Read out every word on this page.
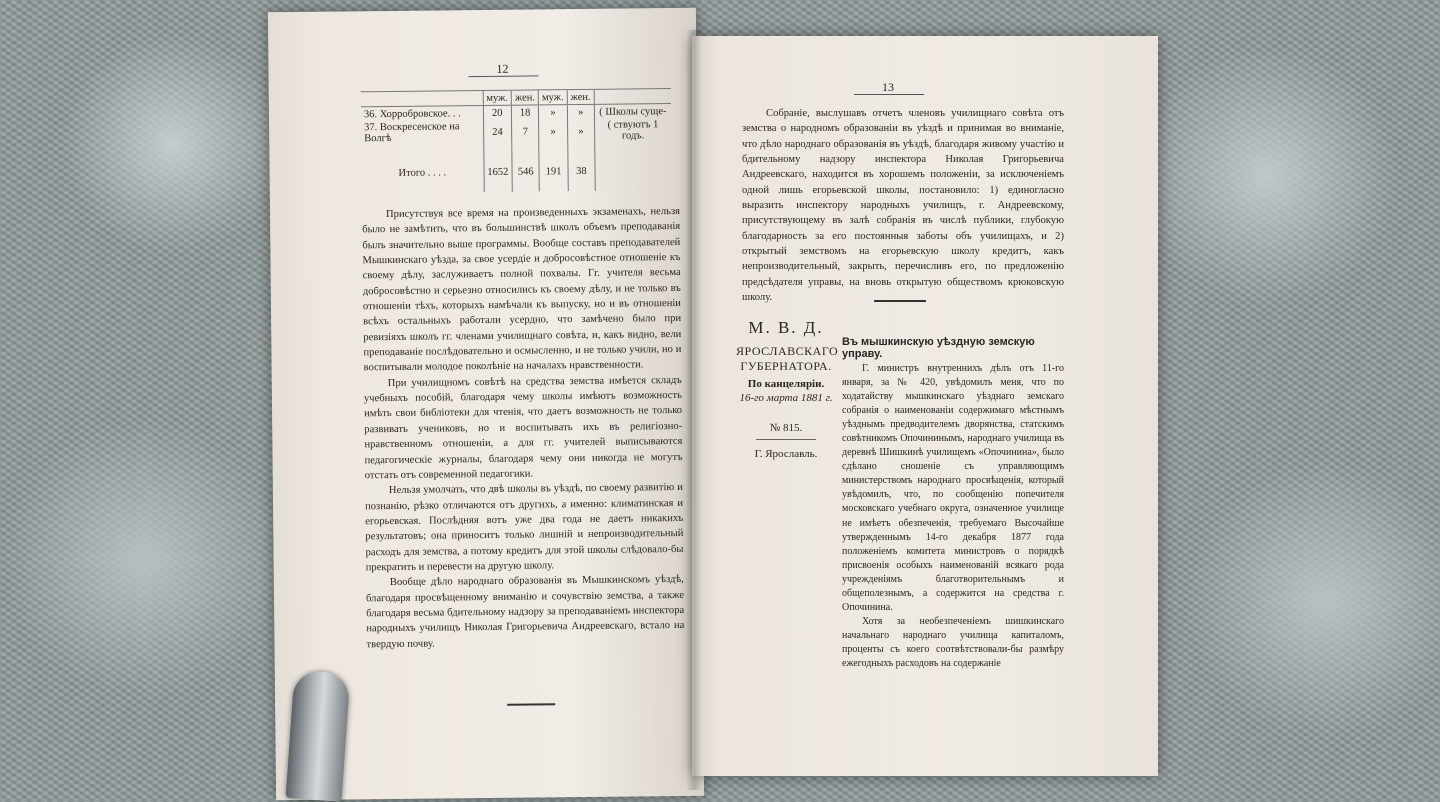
12
	муж.	жен.	муж.	жен.	
36. Хорробровское. . .	20	18	»	»	( Школы суще-
37. Воскресенское на Волгѣ	24	7	»	»	( ствуютъ 1 годъ.
Итого . . . .	1652	546	191	38	

Присутствуя все время на произведенныхъ экзаменахъ, нельзя было не замѣтить, что въ большинствѣ школъ объемъ преподаванія былъ значительно выше программы. Вообще составъ преподавателей Мышкинскаго уѣзда, за свое усердіе и добросовѣстное отношеніе къ своему дѣлу, заслуживаетъ полной похвалы. Гг. учителя весьма добросовѣстно и серьезно относились къ своему дѣлу, и не только въ отношеніи тѣхъ, которыхъ намѣчали къ выпуску, но и въ отношеніи всѣхъ остальныхъ работали усердно, что замѣчено было при ревизіяхъ школъ гг. членами училищнаго совѣта, и, какъ видно, вели преподаваніе послѣдовательно и осмысленно, и не только учили, но и воспитывали молодое поколѣніе на началахъ нравственности.

При училищномъ совѣтѣ на средства земства имѣется складъ учебныхъ пособій, благодаря чему школы имѣютъ возможность имѣть свои библіотеки для чтенія, что даетъ возможность не только развивать учениковъ, но и воспитывать ихъ въ религіозно-нравственномъ отношеніи, а для гг. учителей выписываются педагогическіе журналы, благодаря чему они никогда не могутъ отстать отъ современной педагогики.

Нельзя умолчать, что двѣ школы въ уѣздѣ, по своему развитію и познанію, рѣзко отличаются отъ другихъ, а именно: климатинская и егорьевская. Послѣдняя вотъ уже два года не даетъ никакихъ результатовъ; она приноситъ только лишній и непроизводительный расходъ для земства, а потому кредитъ для этой школы слѣдовало-бы прекратить и перевести на другую школу.

Вообще дѣло народнаго образованія въ Мышкинскомъ уѣздѣ, благодаря просвѣщенному вниманію и сочувствію земства, а также благодаря весьма бдительному надзору за преподаваніемъ инспектора народныхъ училищъ Николая Григорьевича Андреевскаго, встало на твердую почву.

13

Собраніе, выслушавъ отчетъ членовъ училищнаго совѣта отъ земства о народномъ образованіи въ уѣздѣ и принимая во вниманіе, что дѣло народнаго образованія въ уѣздѣ, благодаря живому участію и бдительному надзору инспектора Николая Григорьевича Андреевскаго, находится въ хорошемъ положеніи, за исключеніемъ одной лишь егорьевской школы, постановило: 1) единогласно выразить инспектору народныхъ училищъ, г. Андреевскому, присутствующему въ залѣ собранія въ числѣ публики, глубокую благодарность за его постоянныя заботы объ училищахъ, и 2) открытый земствомъ на егорьевскую школу кредитъ, какъ непроизводительный, закрыть, перечисливъ его, по предложенію предсѣдателя управы, на вновь открытую обществомъ крюковскую школу.

М. В. Д.
ЯРОСЛАВСКАГО ГУБЕРНАТОРА.
По канцеляріи.
16-го марта 1881 г.
№ 815.
Г. Ярославль.
Въ мышкинскую уѣздную земскую управу.

Г. министръ внутреннихъ дѣлъ отъ 11-го января, за № 420, увѣдомилъ меня, что по ходатайству мышкинскаго уѣзднаго земскаго собранія о наименованіи содержимаго мѣстнымъ уѣзднымъ предводителемъ дворянства, статскимъ совѣтникомъ Опочининымъ, народнаго училища въ деревнѣ Шишкинѣ училищемъ «Опочинина», было сдѣлано сношеніе съ управляющимъ министерствомъ народнаго просвѣщенія, который увѣдомилъ, что, по сообщенію попечителя московскаго учебнаго округа, означенное училище не имѣетъ обезпеченія, требуемаго Высочайше утвержденнымъ 14-го декабря 1877 года положеніемъ комитета министровъ о порядкѣ присвоенія особыхъ наименованій всякаго рода учрежденіямъ благотворительнымъ и общеполезнымъ, а содержится на средства г. Опочинина.

Хотя за необезпеченіемъ шишкинскаго начальнаго народнаго училища капиталомъ, проценты съ коего соотвѣтствовали-бы размѣру ежегодныхъ расходовъ на содержаніе
